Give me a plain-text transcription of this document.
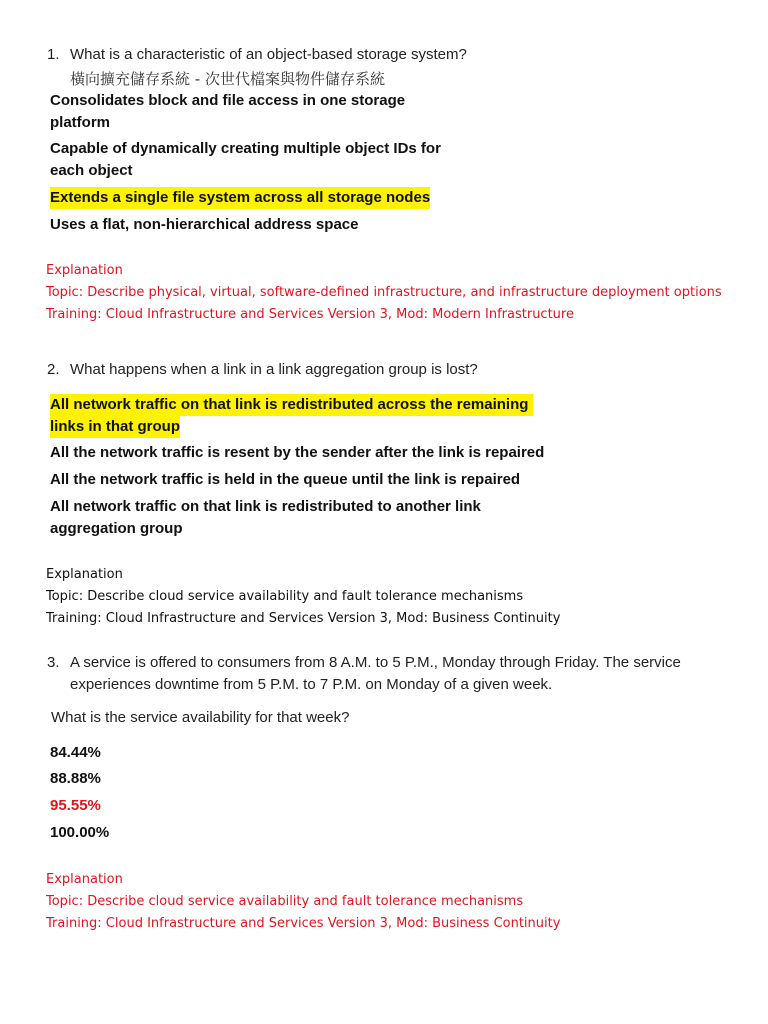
1. What is a characteristic of an object-based storage system?
橫向擴充儲存系統 - 次世代檔案與物件儲存系統
Consolidates block and file access in one storage
platform
Capable of dynamically creating multiple object IDs for
each object
Extends a single file system across all storage nodes
Uses a flat, non-hierarchical address space
Explanation
Topic: Describe physical, virtual, software-defined infrastructure, and infrastructure deployment options
Training: Cloud Infrastructure and Services Version 3, Mod: Modern Infrastructure
2. What happens when a link in a link aggregation group is lost?
All network traffic on that link is redistributed across the remaining
links in that group
All the network traffic is resent by the sender after the link is repaired
All the network traffic is held in the queue until the link is repaired
All network traffic on that link is redistributed to another link
aggregation group
Explanation
Topic: Describe cloud service availability and fault tolerance mechanisms
Training: Cloud Infrastructure and Services Version 3, Mod: Business Continuity
3. A service is offered to consumers from 8 A.M. to 5 P.M., Monday through Friday. The service
experiences downtime from 5 P.M. to 7 P.M. on Monday of a given week.
What is the service availability for that week?
84.44%
88.88%
95.55%
100.00%
Explanation
Topic: Describe cloud service availability and fault tolerance mechanisms
Training: Cloud Infrastructure and Services Version 3, Mod: Business Continuity
